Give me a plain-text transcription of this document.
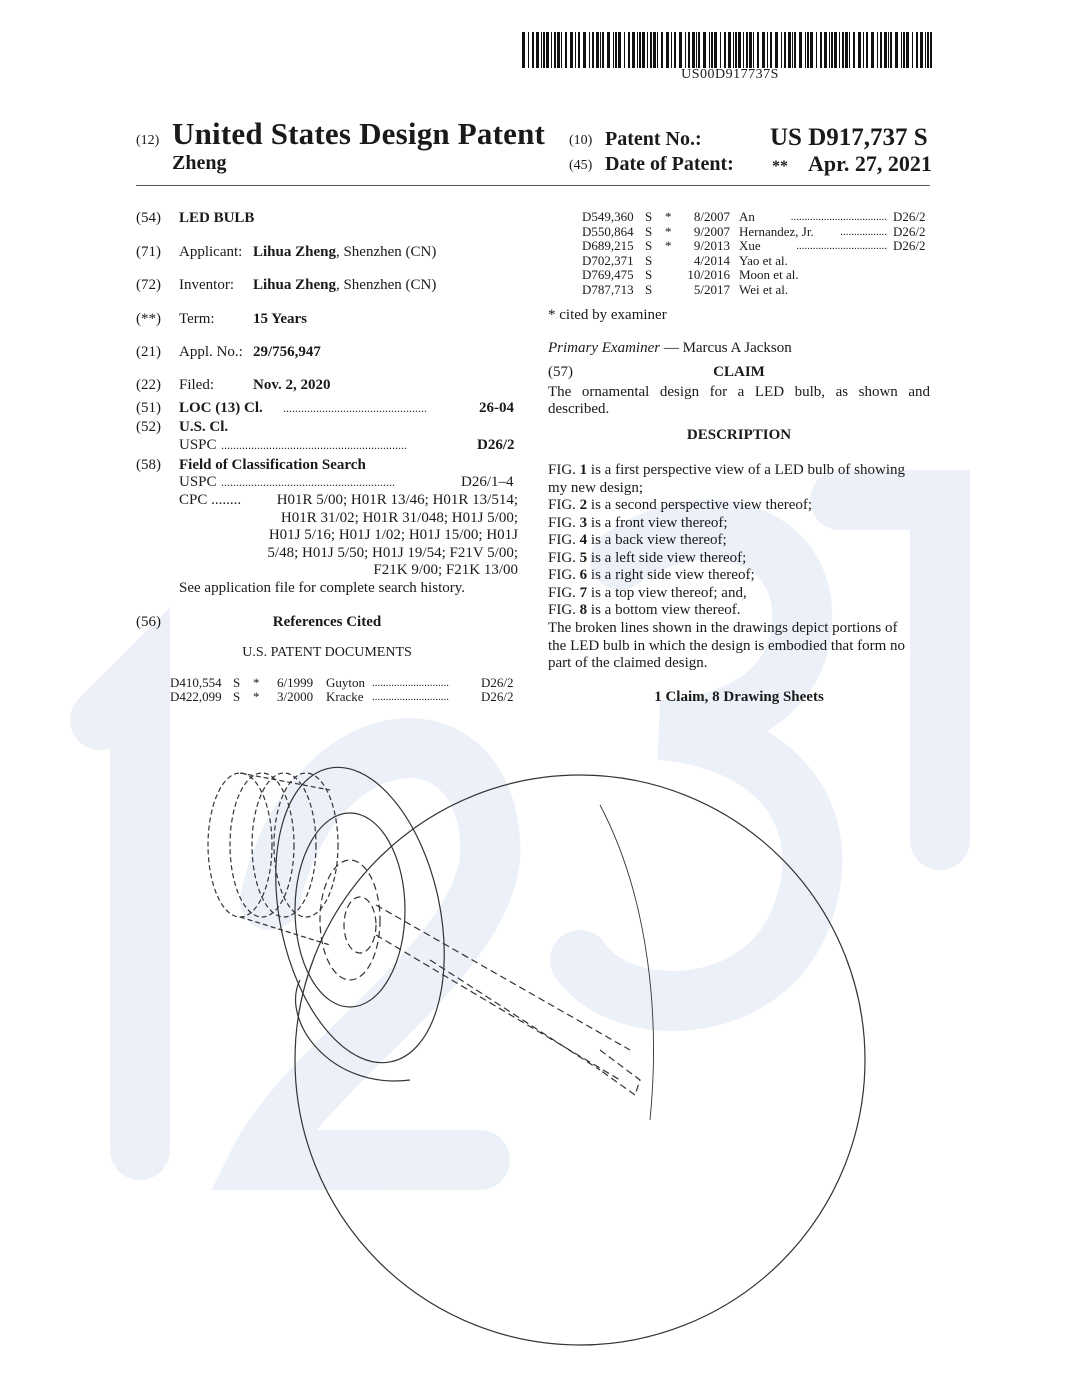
US00D917737S
(12) United States Design Patent
Zheng
(10) Patent No.:	US D917,737 S
(45) Date of Patent: ** Apr. 27, 2021
(54) LED BULB
(71) Applicant: Lihua Zheng, Shenzhen (CN)
(72) Inventor: Lihua Zheng, Shenzhen (CN)
(**) Term:	15 Years
(21) Appl. No.: 29/756,947
(22) Filed:	Nov. 2, 2020
(51) LOC (13) Cl. ................................................	26-04
(52) U.S. Cl.
USPC ..............................................................	D26/2
(58) Field of Classification Search
USPC ..........................................................	D26/1–4
CPC ........	H01R 5/00; H01R 13/46; H01R 13/514;
H01R 31/02; H01R 31/048; H01J 5/00;
H01J 5/16; H01J 1/02; H01J 15/00; H01J
5/48; H01J 5/50; H01J 19/54; F21V 5/00;
F21K 9/00; F21K 13/00
See application file for complete search history.
(56)	References Cited
U.S. PATENT DOCUMENTS
D410,554 S * 6/1999 Guyton ............................	D26/2
D422,099 S * 3/2000 Kracke ............................	D26/2
D549,360 S *	8/2007 An	................................... D26/2
D550,864 S *	9/2007 Hernandez, Jr.	................. D26/2
D689,215 S *	9/2013 Xue	................................. D26/2
D702,371 S	4/2014 Yao et al.
D769,475 S	10/2016 Moon et al.
D787,713 S	5/2017 Wei et al.
* cited by examiner
Primary Examiner — Marcus A Jackson
(57)	CLAIM
The ornamental design for a LED bulb, as shown and
described.
DESCRIPTION
FIG. 1 is a first perspective view of a LED bulb of showing
my new design;
FIG. 2 is a second perspective view thereof;
FIG. 3 is a front view thereof;
FIG. 4 is a back view thereof;
FIG. 5 is a left side view thereof;
FIG. 6 is a right side view thereof;
FIG. 7 is a top view thereof; and,
FIG. 8 is a bottom view thereof.
The broken lines shown in the drawings depict portions of
the LED bulb in which the design is embodied that form no
part of the claimed design.
1 Claim, 8 Drawing Sheets
